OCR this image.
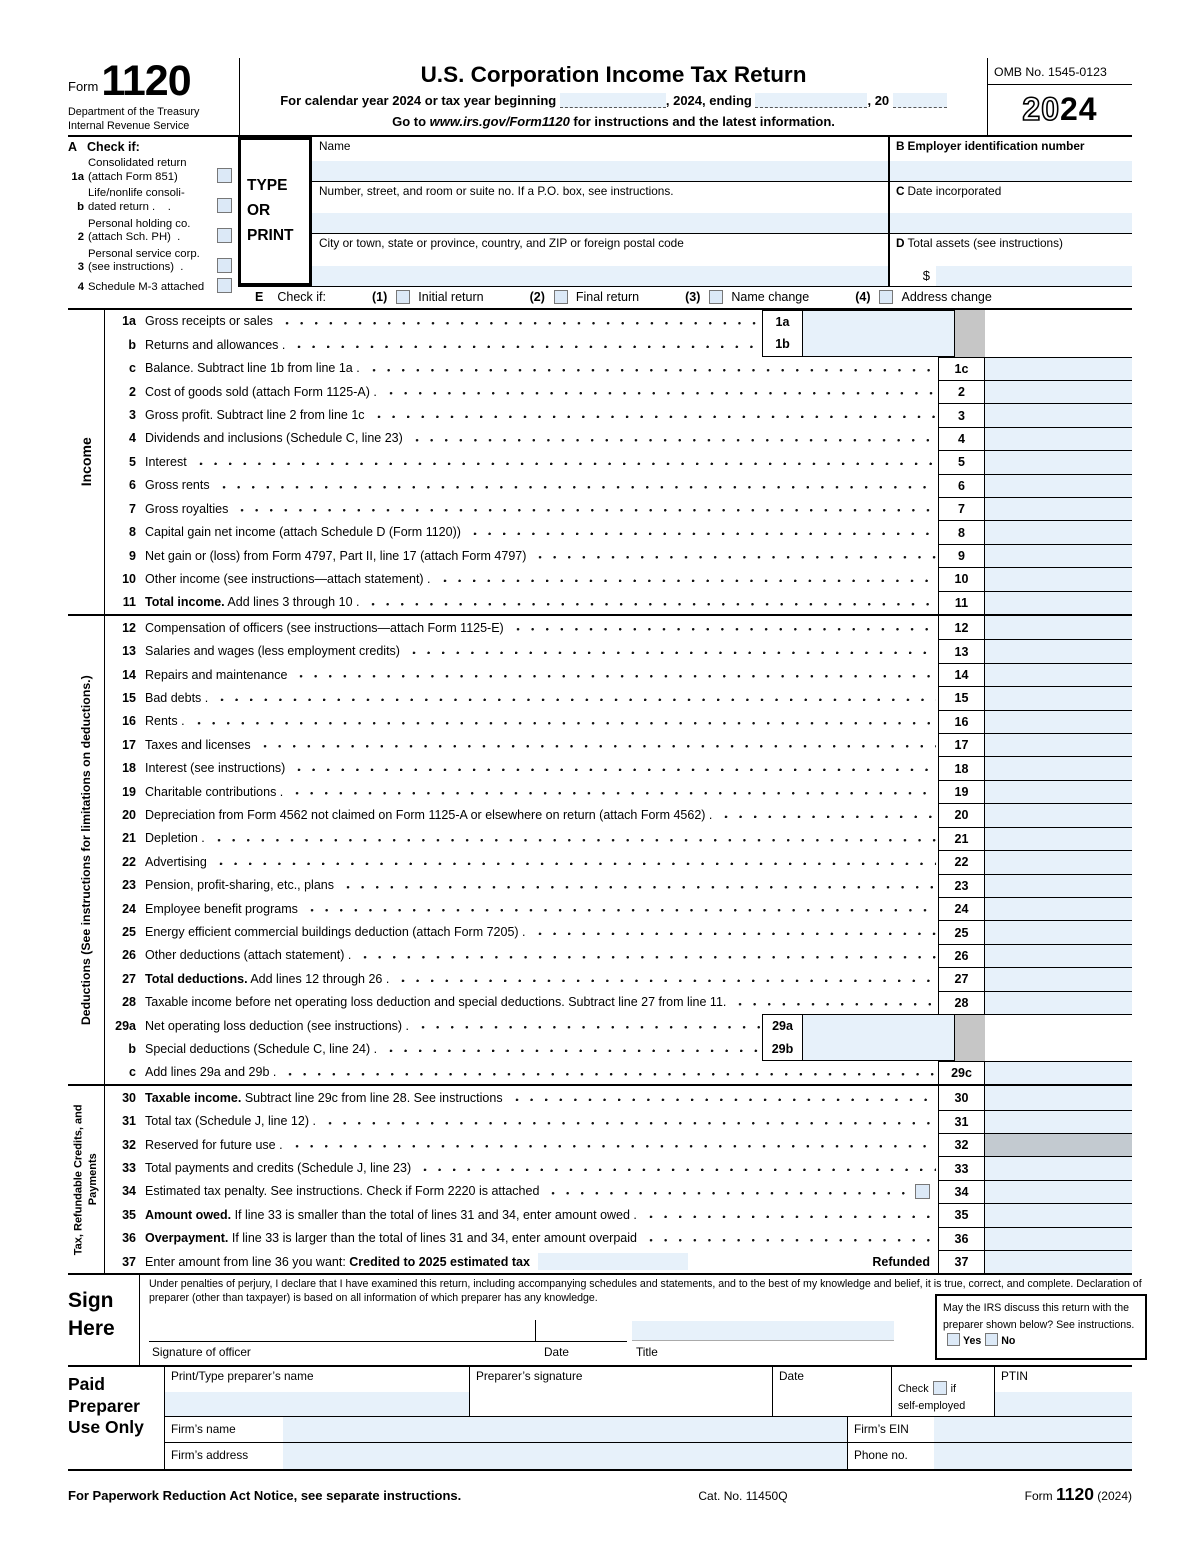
Form 1120
Department of the Treasury
Internal Revenue Service
U.S. Corporation Income Tax Return
For calendar year 2024 or tax year beginning	, 2024, ending	, 20
Go to www.irs.gov/Form1120 for instructions and the latest information.
OMB No. 1545-0123
20 24
A Check if:
1a
Consolidated return
(attach Form 851)
b
Life/nonlife consoli-
dated return .    .
2
Personal holding co.
(attach Sch. PH)  .
3
Personal service corp.
(see instructions)  .
4 Schedule M-3 attached
TYPE
OR
PRINT
Name
Number, street, and room or suite no. If a P.O. box, see instructions.
City or town, state or province, country, and ZIP or foreign postal code
B Employer identification number
C Date incorporated
D Total assets (see instructions)
$
E Check if:	(1) Initial return	(2) Final return	(3) Name change	(4) Address change
Income
1a Gross receipts or sales	1a
b Returns and allowances .	1b
c Balance. Subtract line 1b from line 1a .	1c
2 Cost of goods sold (attach Form 1125-A) .	2
3 Gross profit. Subtract line 2 from line 1c	3
4 Dividends and inclusions (Schedule C, line 23)	4
5 Interest	5
6 Gross rents	6
7 Gross royalties	7
8 Capital gain net income (attach Schedule D (Form 1120))	8
9 Net gain or (loss) from Form 4797, Part II, line 17 (attach Form 4797)	9
10 Other income (see instructions—attach statement) .	10
11 Total income. Add lines 3 through 10 .	11
Deductions (See instructions for limitations on deductions.)
12 Compensation of officers (see instructions—attach Form 1125-E)	12
13 Salaries and wages (less employment credits)	13
14 Repairs and maintenance	14
15 Bad debts .	15
16 Rents .	16
17 Taxes and licenses	17
18 Interest (see instructions)	18
19 Charitable contributions .	19
20 Depreciation from Form 4562 not claimed on Form 1125-A or elsewhere on return (attach Form 4562) .	20
21 Depletion .	21
22 Advertising	22
23 Pension, profit-sharing, etc., plans	23
24 Employee benefit programs	24
25 Energy efficient commercial buildings deduction (attach Form 7205) .	25
26 Other deductions (attach statement) .	26
27 Total deductions. Add lines 12 through 26 .	27
28 Taxable income before net operating loss deduction and special deductions. Subtract line 27 from line 11.	28
29a Net operating loss deduction (see instructions) .	29a
b Special deductions (Schedule C, line 24) .	29b
c Add lines 29a and 29b .	29c
Tax, Refundable Credits, and Payments
30 Taxable income. Subtract line 29c from line 28. See instructions	30
31 Total tax (Schedule J, line 12) .	31
32 Reserved for future use .	32
33 Total payments and credits (Schedule J, line 23)	33
34 Estimated tax penalty. See instructions. Check if Form 2220 is attached	34
35 Amount owed. If line 33 is smaller than the total of lines 31 and 34, enter amount owed .	35
36 Overpayment. If line 33 is larger than the total of lines 31 and 34, enter amount overpaid	36
37 Enter amount from line 36 you want: Credited to 2025 estimated tax	Refunded 37
Sign
Here
Under penalties of perjury, I declare that I have examined this return, including accompanying schedules and statements, and to the best of my knowledge and belief, it is true, correct, and complete. Declaration of preparer (other than taxpayer) is based on all information of which preparer has any knowledge.
Signature of officer	Date	Title
May the IRS discuss this return with the preparer shown below? See instructions.Yes No
Paid
Preparer
Use Only
Print/Type preparer’s name	Preparer’s signature	Date
Check if
self-employed
PTIN
Firm’s name	Firm’s EIN
Firm’s address	Phone no.
For Paperwork Reduction Act Notice, see separate instructions.	Cat. No. 11450Q	Form 1120 (2024)
